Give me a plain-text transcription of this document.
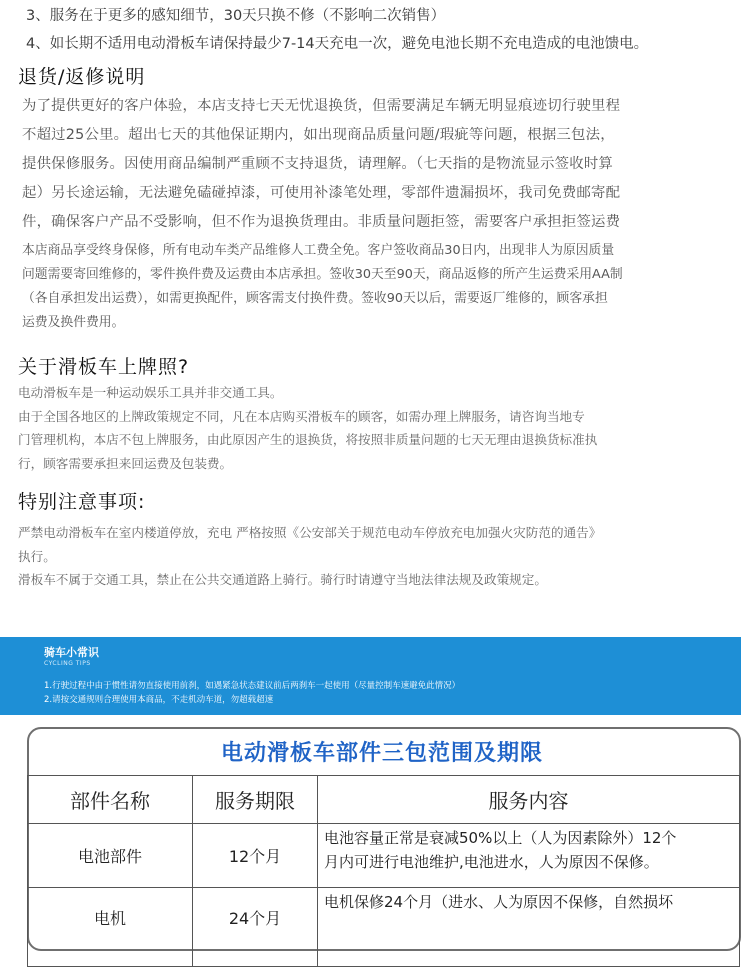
3、服务在于更多的感知细节，30天只换不修（不影响二次销售）
4、如长期不适用电动滑板车请保持最少7-14天充电一次，避免电池长期不充电造成的电池馈电。
退货/返修说明
为了提供更好的客户体验，本店支持七天无忧退换货，但需要满足车辆无明显痕迹切行驶里程
不超过25公里。超出七天的其他保证期内，如出现商品质量问题/瑕疵等问题，根据三包法，
提供保修服务。因使用商品编制严重顾不支持退货，请理解。（七天指的是物流显示签收时算
起）另长途运输，无法避免磕碰掉漆，可使用补漆笔处理，零部件遗漏损坏，我司免费邮寄配
件，确保客户产品不受影响，但不作为退换货理由。非质量问题拒签，需要客户承担拒签运费
本店商品享受终身保修，所有电动车类产品维修人工费全免。客户签收商品30日内，出现非人为原因质量
问题需要寄回维修的，零件换件费及运费由本店承担。签收30天至90天，商品返修的所产生运费采用AA制
（各自承担发出运费），如需更换配件，顾客需支付换件费。签收90天以后，需要返厂维修的，顾客承担
运费及换件费用。
关于滑板车上牌照?
电动滑板车是一种运动娱乐工具并非交通工具。
由于全国各地区的上牌政策规定不同，凡在本店购买滑板车的顾客，如需办理上牌服务，请咨询当地专
门管理机构，本店不包上牌服务，由此原因产生的退换货，将按照非质量问题的七天无理由退换货标准执
行，顾客需要承担来回运费及包装费。
特别注意事项:
严禁电动滑板车在室内楼道停放，充电 严格按照《公安部关于规范电动车停放充电加强火灾防范的通告》
执行。
滑板车不属于交通工具，禁止在公共交通道路上骑行。骑行时请遵守当地法律法规及政策规定。
骑车小常识
CYCLING TIPS
1.行驶过程中由于惯性请勿直接使用前刹，如遇紧急状态建议前后两刹车一起使用（尽量控制车速避免此情况）
2.请按交通规则合理使用本商品，不走机动车道，勿超载超速
电动滑板车部件三包范围及期限
部件名称	服务期限	服务内容
电池部件	12个月	电池容量正常是衰减50%以上（人为因素除外）12个
月内可进行电池维护,电池进水，人为原因不保修。

电机	24个月	电机保修24个月（进水、人为原因不保修，自然损坏
